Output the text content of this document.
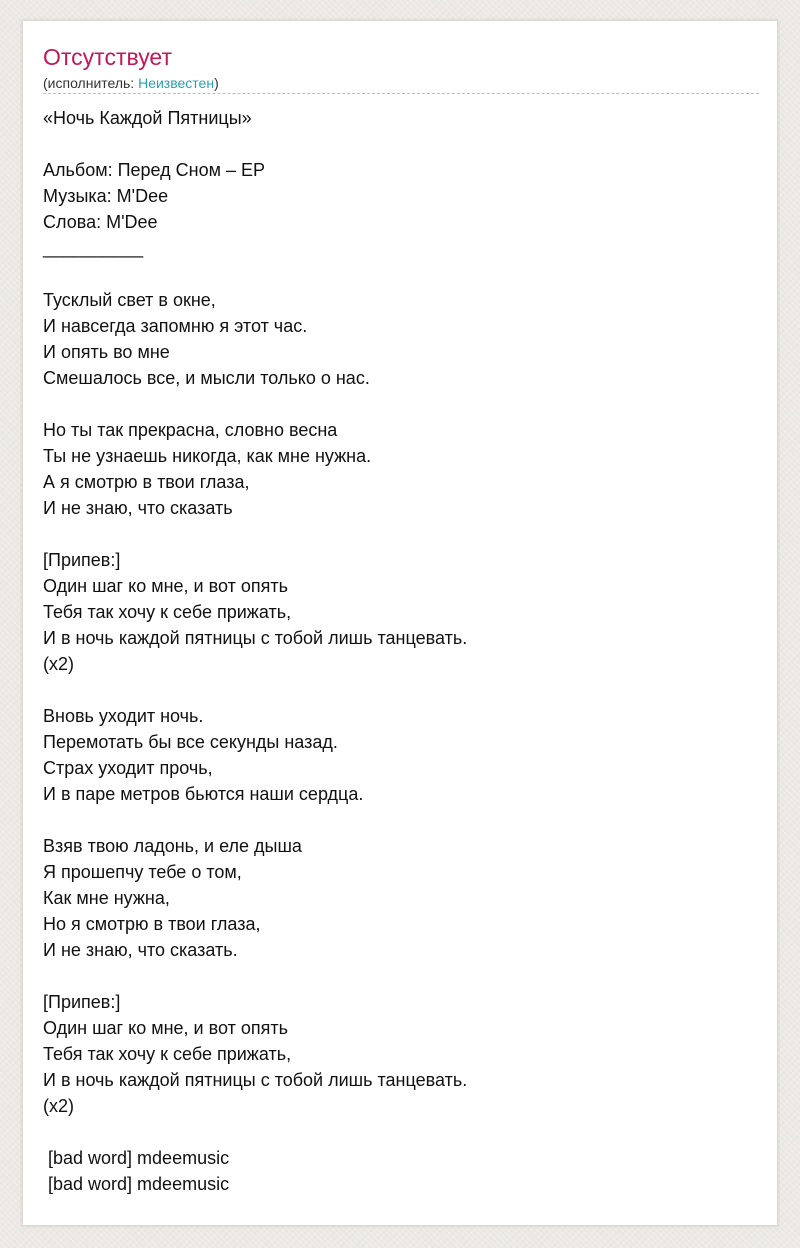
Отсутствует
(исполнитель: Неизвестен)
«Ночь Каждой Пятницы»
Альбом: Перед Сном – EP
Музыка: M'Dee
Слова: M'Dee
__________
Тусклый свет в окне,
И навсегда запомню я этот час.
И опять во мне
Смешалось все, и мысли только о нас.
Но ты так прекрасна, словно весна
Ты не узнаешь никогда, как мне нужна.
А я смотрю в твои глаза,
И не знаю, что сказать
[Припев:]
Один шаг ко мне, и вот опять
Тебя так хочу к себе прижать,
И в ночь каждой пятницы с тобой лишь танцевать.
(x2)
Вновь уходит ночь.
Перемотать бы все секунды назад.
Страх уходит прочь,
И в паре метров бьются наши сердца.
Взяв твою ладонь, и еле дыша
Я прошепчу тебе о том,
Как мне нужна,
Но я смотрю в твои глаза,
И не знаю, что сказать.
[Припев:]
Один шаг ко мне, и вот опять
Тебя так хочу к себе прижать,
И в ночь каждой пятницы с тобой лишь танцевать.
(x2)
[bad word] mdeemusic
[bad word] mdeemusic
